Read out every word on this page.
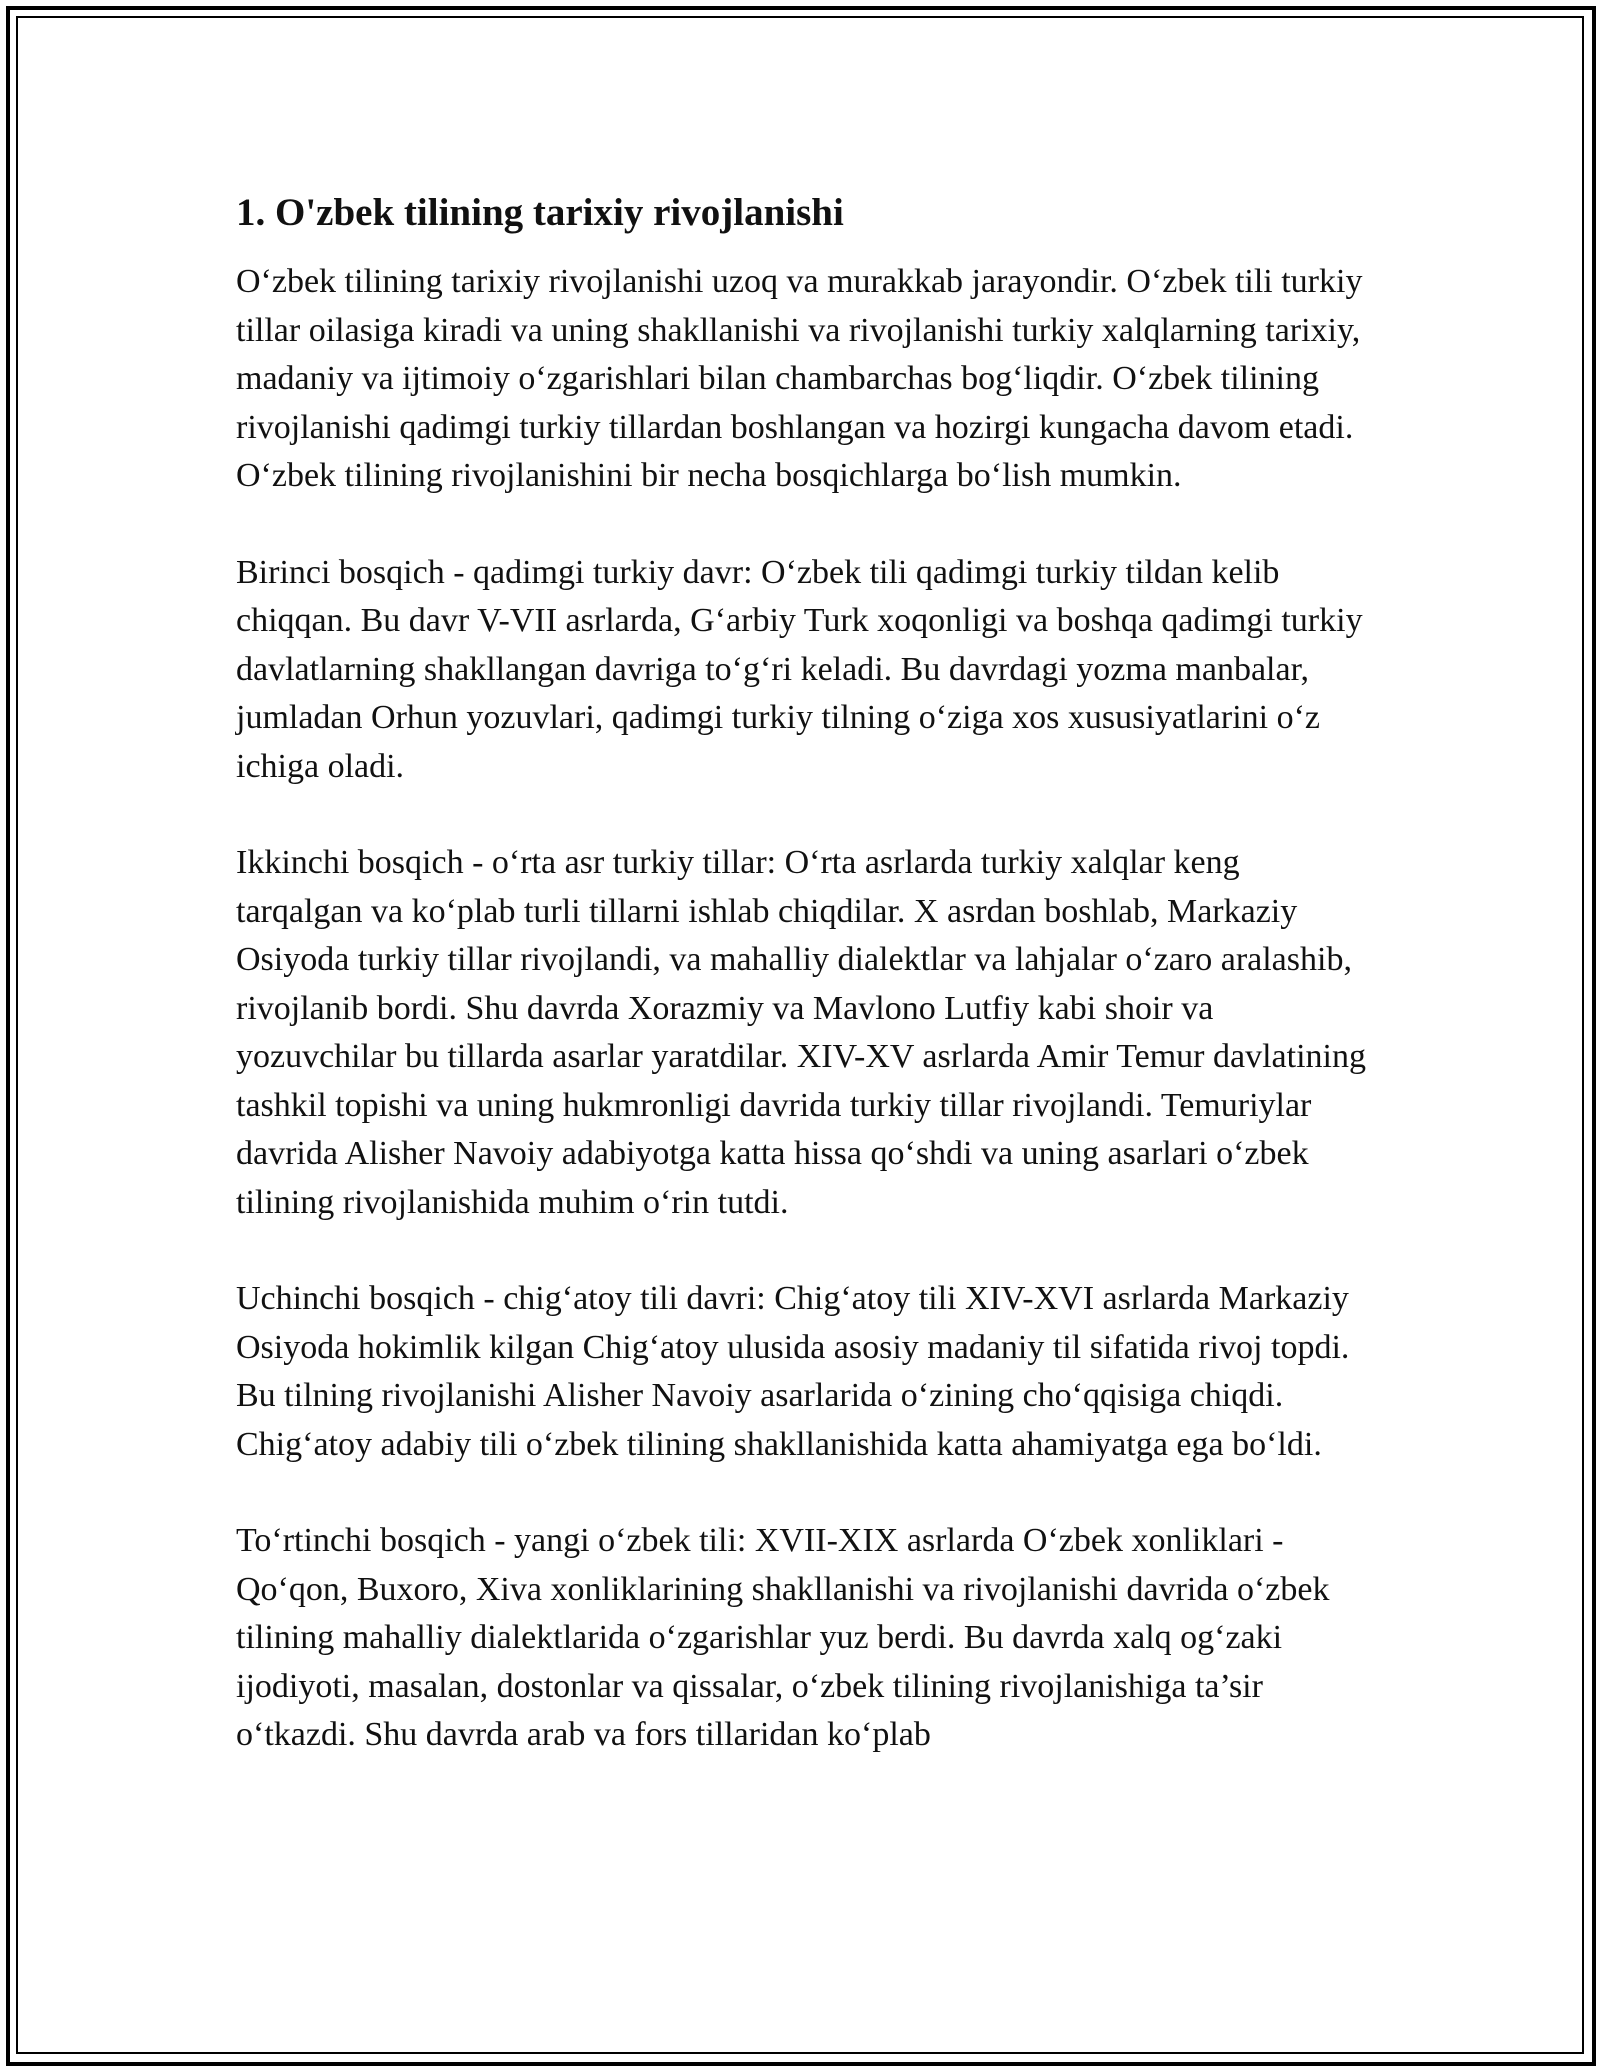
1. O'zbek tilining tarixiy rivojlanishi

O‘zbek tilining tarixiy rivojlanishi uzoq va murakkab jarayondir. O‘zbek tili turkiy tillar oilasiga kiradi va uning shakllanishi va rivojlanishi turkiy xalqlarning tarixiy, madaniy va ijtimoiy o‘zgarishlari bilan chambarchas bog‘liqdir. O‘zbek tilining rivojlanishi qadimgi turkiy tillardan boshlangan va hozirgi kungacha davom etadi. O‘zbek tilining rivojlanishini bir necha bosqichlarga bo‘lish mumkin.

Birinci bosqich - qadimgi turkiy davr: O‘zbek tili qadimgi turkiy tildan kelib chiqqan. Bu davr V-VII asrlarda, G‘arbiy Turk xoqonligi va boshqa qadimgi turkiy davlatlarning shakllangan davriga to‘g‘ri keladi. Bu davrdagi yozma manbalar, jumladan Orhun yozuvlari, qadimgi turkiy tilning o‘ziga xos xususiyatlarini o‘z ichiga oladi.

Ikkinchi bosqich - o‘rta asr turkiy tillar: O‘rta asrlarda turkiy xalqlar keng tarqalgan va ko‘plab turli tillarni ishlab chiqdilar. X asrdan boshlab, Markaziy Osiyoda turkiy tillar rivojlandi, va mahalliy dialektlar va lahjalar o‘zaro aralashib, rivojlanib bordi. Shu davrda Xorazmiy va Mavlono Lutfiy kabi shoir va yozuvchilar bu tillarda asarlar yaratdilar. XIV-XV asrlarda Amir Temur davlatining tashkil topishi va uning hukmronligi davrida turkiy tillar rivojlandi. Temuriylar davrida Alisher Navoiy adabiyotga katta hissa qo‘shdi va uning asarlari o‘zbek tilining rivojlanishida muhim o‘rin tutdi.

Uchinchi bosqich - chig‘atoy tili davri: Chig‘atoy tili XIV-XVI asrlarda Markaziy Osiyoda hokimlik kilgan Chig‘atoy ulusida asosiy madaniy til sifatida rivoj topdi. Bu tilning rivojlanishi Alisher Navoiy asarlarida o‘zining cho‘qqisiga chiqdi. Chig‘atoy adabiy tili o‘zbek tilining shakllanishida katta ahamiyatga ega bo‘ldi.

To‘rtinchi bosqich - yangi o‘zbek tili: XVII-XIX asrlarda O‘zbek xonliklari - Qo‘qon, Buxoro, Xiva xonliklarining shakllanishi va rivojlanishi davrida o‘zbek tilining mahalliy dialektlarida o‘zgarishlar yuz berdi. Bu davrda xalq og‘zaki ijodiyoti, masalan, dostonlar va qissalar, o‘zbek tilining rivojlanishiga ta’sir o‘tkazdi. Shu davrda arab va fors tillaridan ko‘plab
